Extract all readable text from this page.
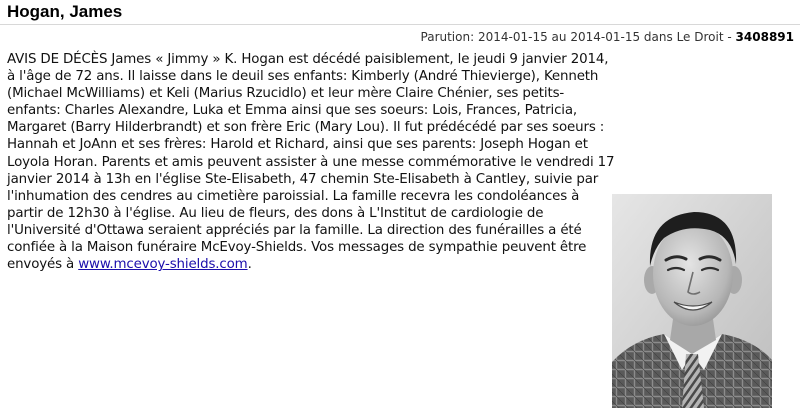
Hogan, James
Parution: 2014-01-15 au 2014-01-15 dans Le Droit - 3408891
AVIS DE DÉCÈS James « Jimmy » K. Hogan est décédé paisiblement, le jeudi 9 janvier 2014, à l'âge de 72 ans. Il laisse dans le deuil ses enfants: Kimberly (André Thievierge), Kenneth (Michael McWilliams) et Keli (Marius Rzucidlo) et leur mère Claire Chénier, ses petits-enfants: Charles Alexandre, Luka et Emma ainsi que ses soeurs: Lois, Frances, Patricia, Margaret (Barry Hilderbrandt) et son frère Eric (Mary Lou). Il fut prédécédé par ses soeurs : Hannah et JoAnn et ses frères: Harold et Richard, ainsi que ses parents: Joseph Hogan et Loyola Horan. Parents et amis peuvent assister à une messe commémorative le vendredi 17 janvier 2014 à 13h en l'église Ste-Elisabeth, 47 chemin Ste-Elisabeth à Cantley, suivie par l'inhumation des cendres au cimetière paroissial. La famille recevra les condoléances à partir de 12h30 à l'église. Au lieu de fleurs, des dons à L'Institut de cardiologie de l'Université d'Ottawa seraient appréciés par la famille. La direction des funérailles a été confiée à la Maison funéraire McEvoy-Shields. Vos messages de sympathie peuvent être envoyés à www.mcevoy-shields.com.
